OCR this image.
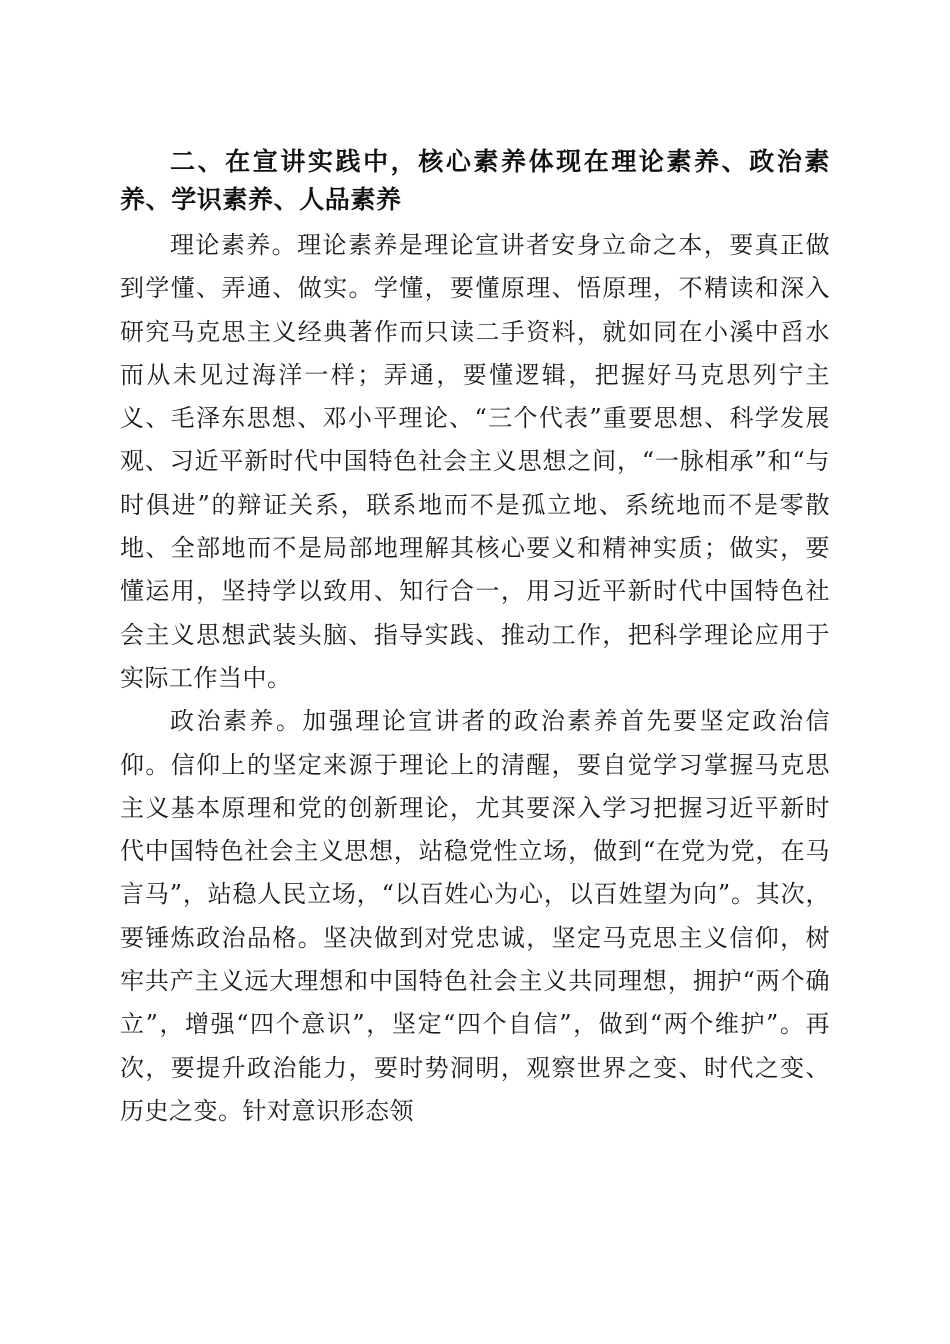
二、在宣讲实践中，核心素养体现在理论素养、政治素养、学识素养、人品素养

理论素养。理论素养是理论宣讲者安身立命之本，要真正做到学懂、弄通、做实。学懂，要懂原理、悟原理，不精读和深入研究马克思主义经典著作而只读二手资料，就如同在小溪中舀水而从未见过海洋一样；弄通，要懂逻辑，把握好马克思列宁主义、毛泽东思想、邓小平理论、“三个代表”重要思想、科学发展观、习近平新时代中国特色社会主义思想之间，“一脉相承”和“与时俱进”的辩证关系，联系地而不是孤立地、系统地而不是零散地、全部地而不是局部地理解其核心要义和精神实质；做实，要懂运用，坚持学以致用、知行合一，用习近平新时代中国特色社会主义思想武装头脑、指导实践、推动工作，把科学理论应用于实际工作当中。

政治素养。加强理论宣讲者的政治素养首先要坚定政治信仰。信仰上的坚定来源于理论上的清醒，要自觉学习掌握马克思主义基本原理和党的创新理论，尤其要深入学习把握习近平新时代中国特色社会主义思想，站稳党性立场，做到“在党为党，在马言马”，站稳人民立场，“以百姓心为心，以百姓望为向”。其次，要锤炼政治品格。坚决做到对党忠诚，坚定马克思主义信仰，树牢共产主义远大理想和中国特色社会主义共同理想，拥护“两个确立”，增强“四个意识”，坚定“四个自信”，做到“两个维护”。再次，要提升政治能力，要时势洞明，观察世界之变、时代之变、历史之变。针对意识形态领
